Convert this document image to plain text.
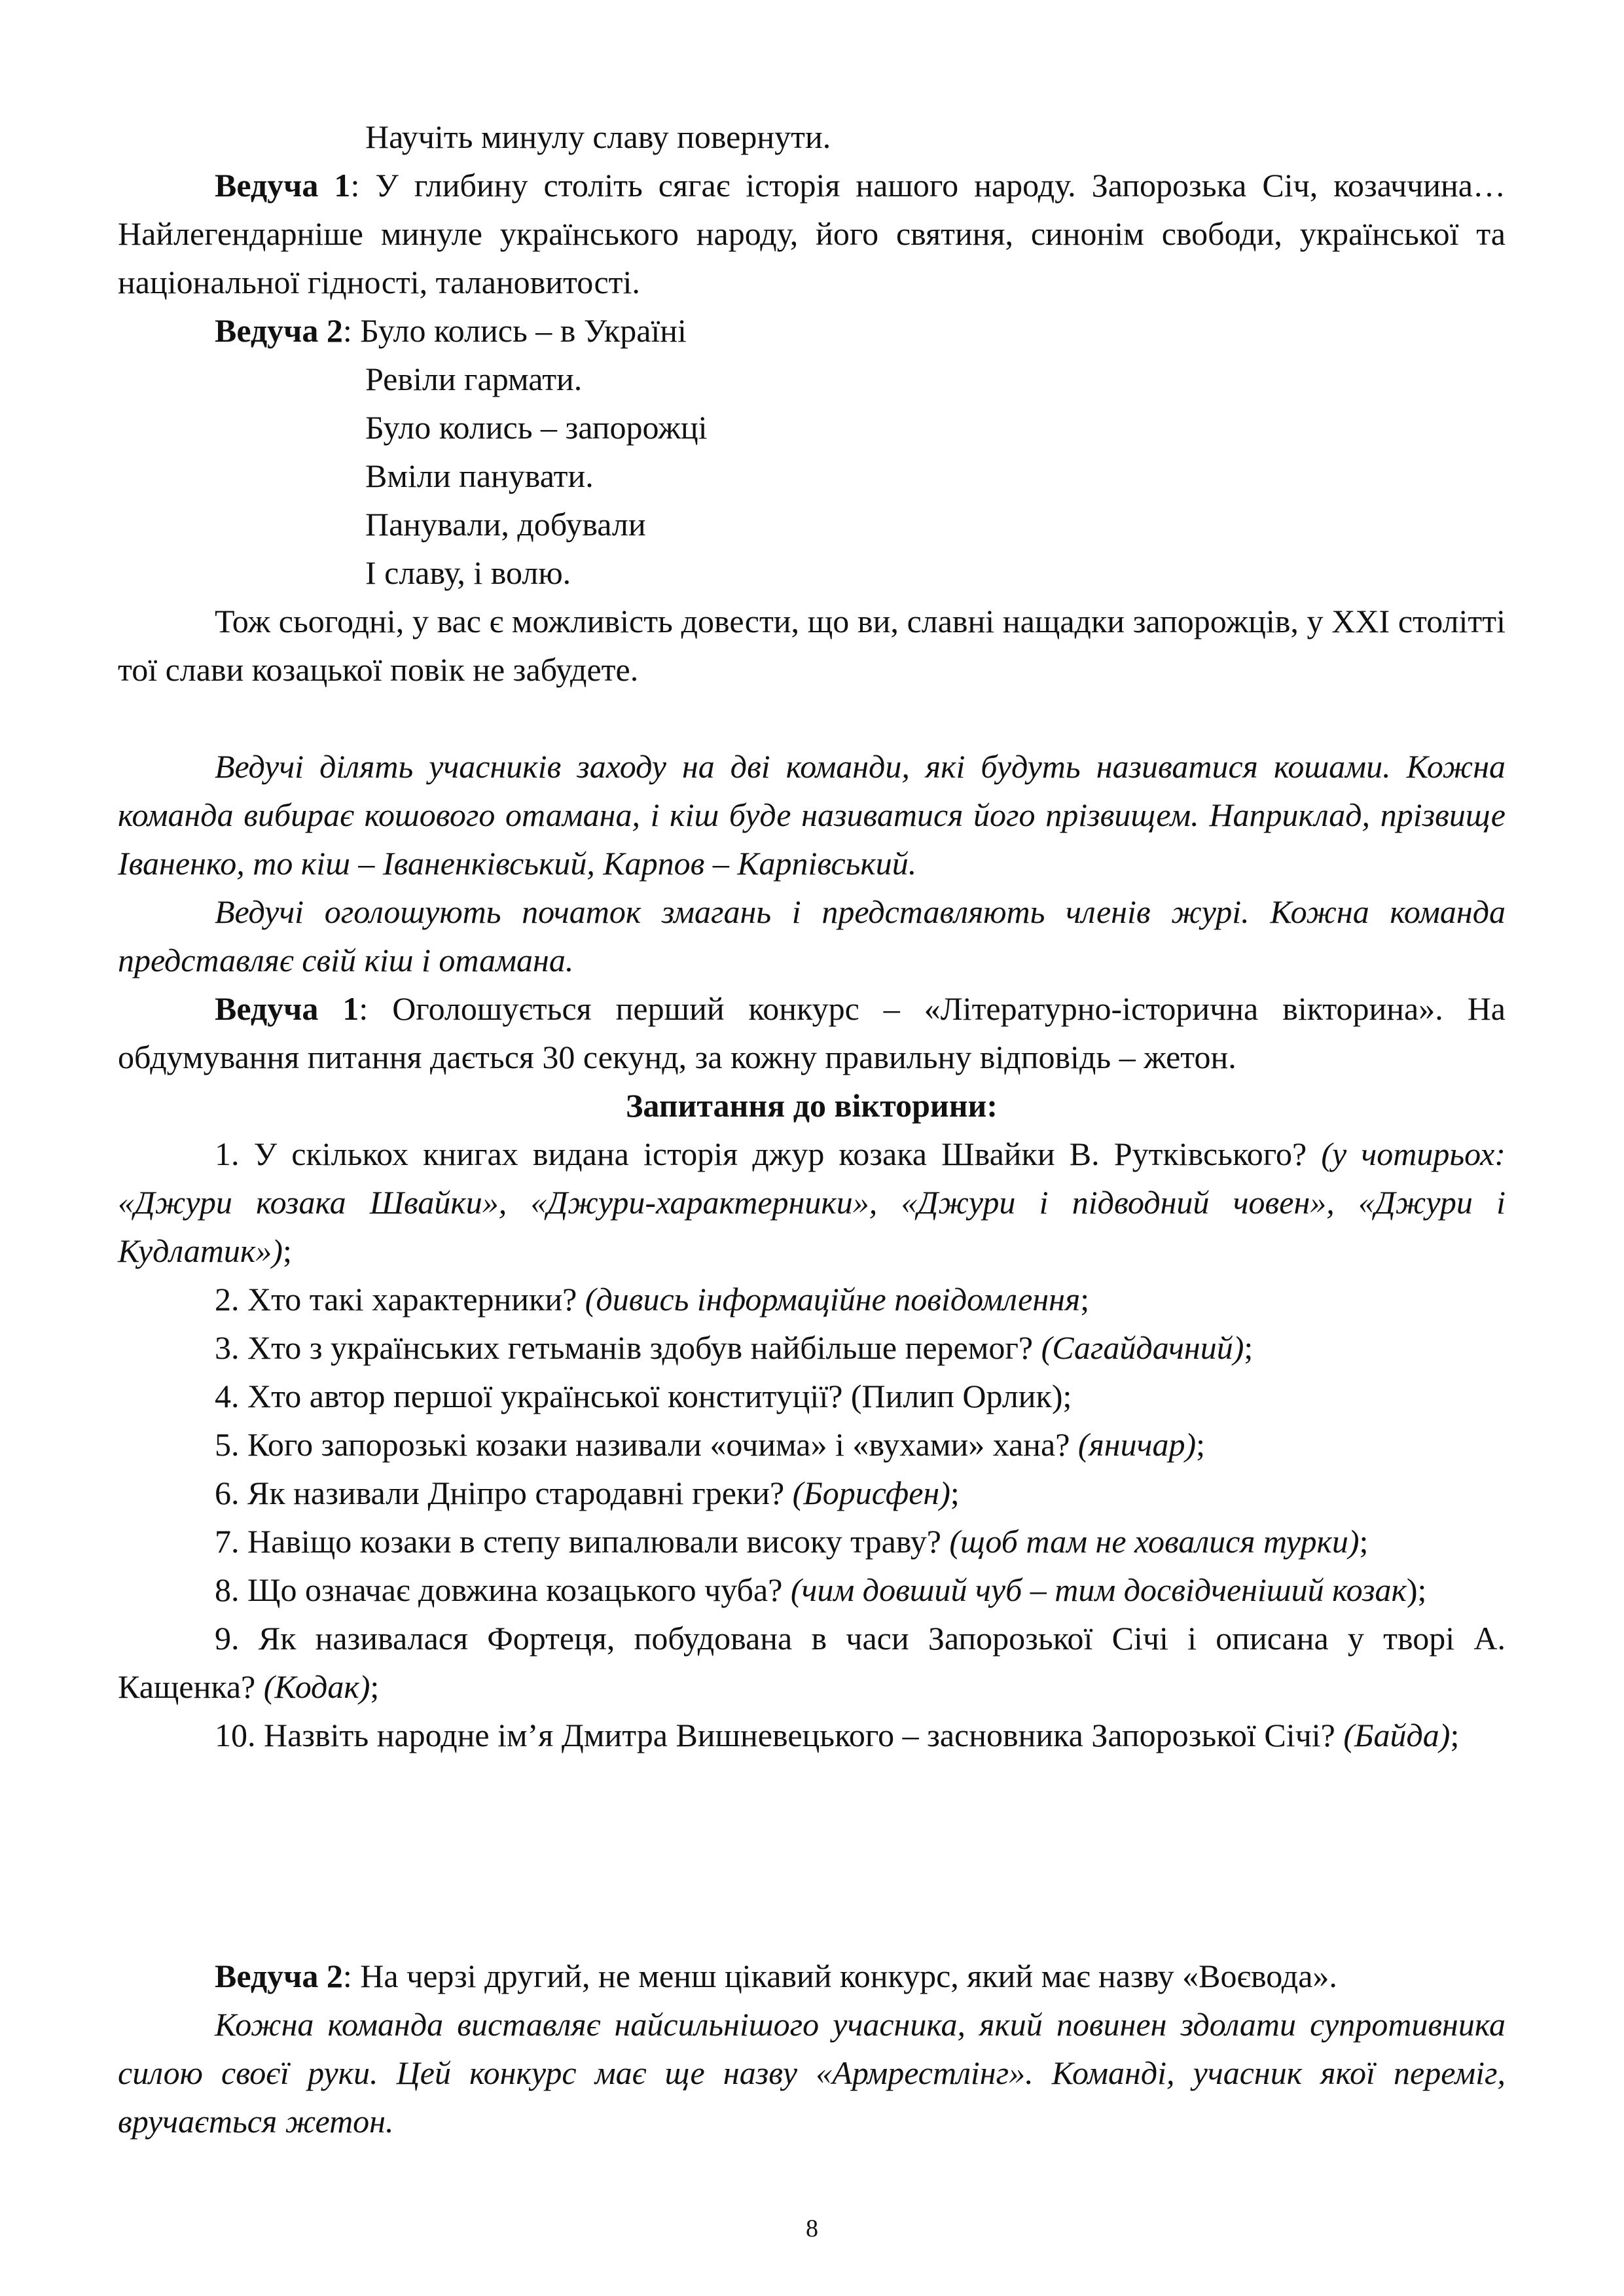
Научіть минулу славу повернути.

Ведуча 1: У глибину століть сягає історія нашого народу. Запорозька Січ, козаччина… Найлегендарніше минуле українського народу, його святиня, синонім свободи, української та національної гідності, талановитості.

Ведуча 2: Було колись – в Україні

Ревіли гармати.
Було колись – запорожці
Вміли панувати.
Панували, добували
І славу, і волю.

Тож сьогодні, у вас є можливість довести, що ви, славні нащадки запорожців, у XXI столітті тої слави козацької повік не забудете.

Ведучі ділять учасників заходу на дві команди, які будуть називатися кошами. Кожна команда вибирає кошового отамана, і кіш буде називатися його прізвищем. Наприклад, прізвище Іваненко, то кіш – Іваненківський, Карпов – Карпівський.

Ведучі оголошують початок змагань і представляють членів журі. Кожна команда представляє свій кіш і отамана.

Ведуча 1: Оголошується перший конкурс – «Літературно-історична вікторина». На обдумування питання дається 30 секунд, за кожну правильну відповідь – жетон.

Запитання до вікторини:

1. У скількох книгах видана історія джур козака Швайки В. Рутківського? (у чотирьох: «Джури козака Швайки», «Джури-характерники», «Джури і підводний човен», «Джури і Кудлатик»);

2. Хто такі характерники? (дивись інформаційне повідомлення;

3. Хто з українських гетьманів здобув найбільше перемог? (Сагайдачний);

4. Хто автор першої української конституції? (Пилип Орлик);

5. Кого запорозькі козаки називали «очима» і «вухами» хана? (яничар);

6. Як називали Дніпро стародавні греки? (Борисфен);

7. Навіщо козаки в степу випалювали високу траву? (щоб там не ховалися турки);

8. Що означає довжина козацького чуба? (чим довший чуб – тим досвідченіший козак);

9. Як називалася Фортеця, побудована в часи Запорозької Січі і описана у творі А. Кащенка? (Кодак);

10. Назвіть народне ім’я Дмитра Вишневецького – засновника Запорозької Січі? (Байда);

Ведуча 2: На черзі другий, не менш цікавий конкурс, який має назву «Воєвода».

Кожна команда виставляє найсильнішого учасника, який повинен здолати супротивника силою своєї руки. Цей конкурс має ще назву «Армрестлінг». Команді, учасник якої переміг, вручається жетон.

8
